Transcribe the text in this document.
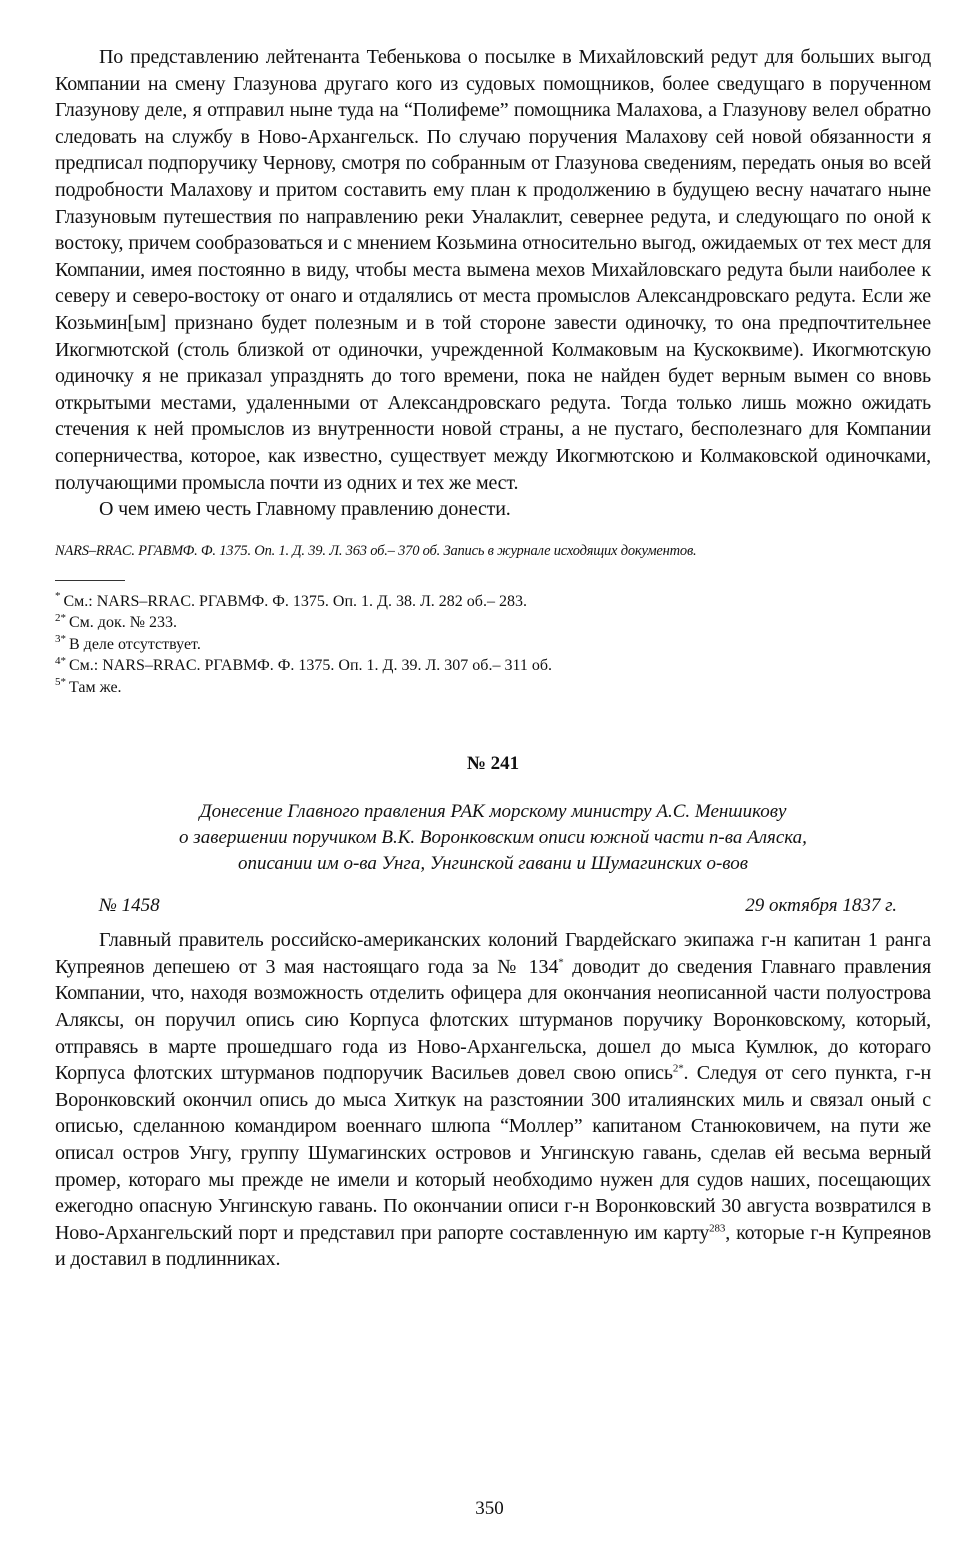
По представлению лейтенанта Тебенькова о посылке в Михайловский редут для больших выгод Компании на смену Глазунова другаго кого из судовых помощников, более сведущаго в порученном Глазунову деле, я отправил ныне туда на “Полифеме” помощника Малахова, а Глазунову велел обратно следовать на службу в Ново-Архангельск. По случаю поручения Малахову сей новой обязанности я предписал подпоручику Чернову, смотря по собранным от Глазунова сведениям, передать оныя во всей подробности Малахову и притом составить ему план к продолжению в будущею весну начатаго ныне Глазуновым путешествия по направлению реки Уналаклит, севернее редута, и следующаго по оной к востоку, причем сообразоваться и с мнением Козьмина относительно выгод, ожидаемых от тех мест для Компании, имея постоянно в виду, чтобы места вымена мехов Михайловскаго редута были наиболее к северу и северо-востоку от онаго и отдалялись от места промыслов Александровскаго редута. Если же Козьмин[ым] признано будет полезным и в той стороне завести одиночку, то она предпочтительнее Икогмютской (столь близкой от одиночки, учрежденной Колмаковым на Кускоквиме). Икогмютскую одиночку я не приказал упразднять до того времени, пока не найден будет верным вымен со вновь открытыми местами, удаленными от Александровскаго редута. Тогда только лишь можно ожидать стечения к ней промыслов из внутренности новой страны, а не пустаго, бесполезнаго для Компании соперничества, которое, как известно, существует между Икогмютскою и Колмаковской одиночками, получающими промысла почти из одних и тех же мест.

О чем имею честь Главному правлению донести.

NARS–RRAC. РГАВМФ. Ф. 1375. Оп. 1. Д. 39. Л. 363 об.– 370 об. Запись в журнале исходящих документов.

* См.: NARS–RRAC. РГАВМФ. Ф. 1375. Оп. 1. Д. 38. Л. 282 об.– 283.
$^{2*}$ См. док. № 233.
$^{3*}$ В деле отсутствует.
$^{4*}$ См.: NARS–RRAC. РГАВМФ. Ф. 1375. Оп. 1. Д. 39. Л. 307 об.– 311 об.
$^{5*}$ Там же.
№ 241
Донесение Главного правления РАК морскому министру А.С. Меншикову
о завершении поручиком В.К. Воронковским описи южной части п-ва Аляска,
описании им о-ва Унга, Унгинской гавани и Шумагинских о-вов
№ 1458	29 октября 1837 г.

Главный правитель российско-американских колоний Гвардейскаго экипажа г-н капитан 1 ранга Купреянов депешею от 3 мая настоящаго года за № 134* доводит до сведения Главнаго правления Компании, что, находя возможность отделить офицера для окончания неописанной части полуострова Аляксы, он поручил опись сию Корпуса флотских штурманов поручику Воронковскому, который, отправясь в марте прошедшаго года из Ново-Архангельска, дошел до мыса Кумлюк, до котораго Корпуса флотских штурманов подпоручик Васильев довел свою опись$^{2*}$. Следуя от сего пункта, г-н Воронковский окончил опись до мыса Хиткук на разстоянии 300 италиянских миль и связал оный с описью, сделанною командиром военнаго шлюпа “Моллер” капитаном Станюковичем, на пути же описал остров Унгу, группу Шумагинских островов и Унгинскую гавань, сделав ей весьма верный промер, котораго мы прежде не имели и который необходимо нужен для судов наших, посещающих ежегодно опасную Унгинскую гавань. По окончании описи г-н Воронковский 30 августа возвратился в Ново-Архангельский порт и представил при рапорте составленную им карту$^{283}$, которые г-н Купреянов и доставил в подлинниках.

350
